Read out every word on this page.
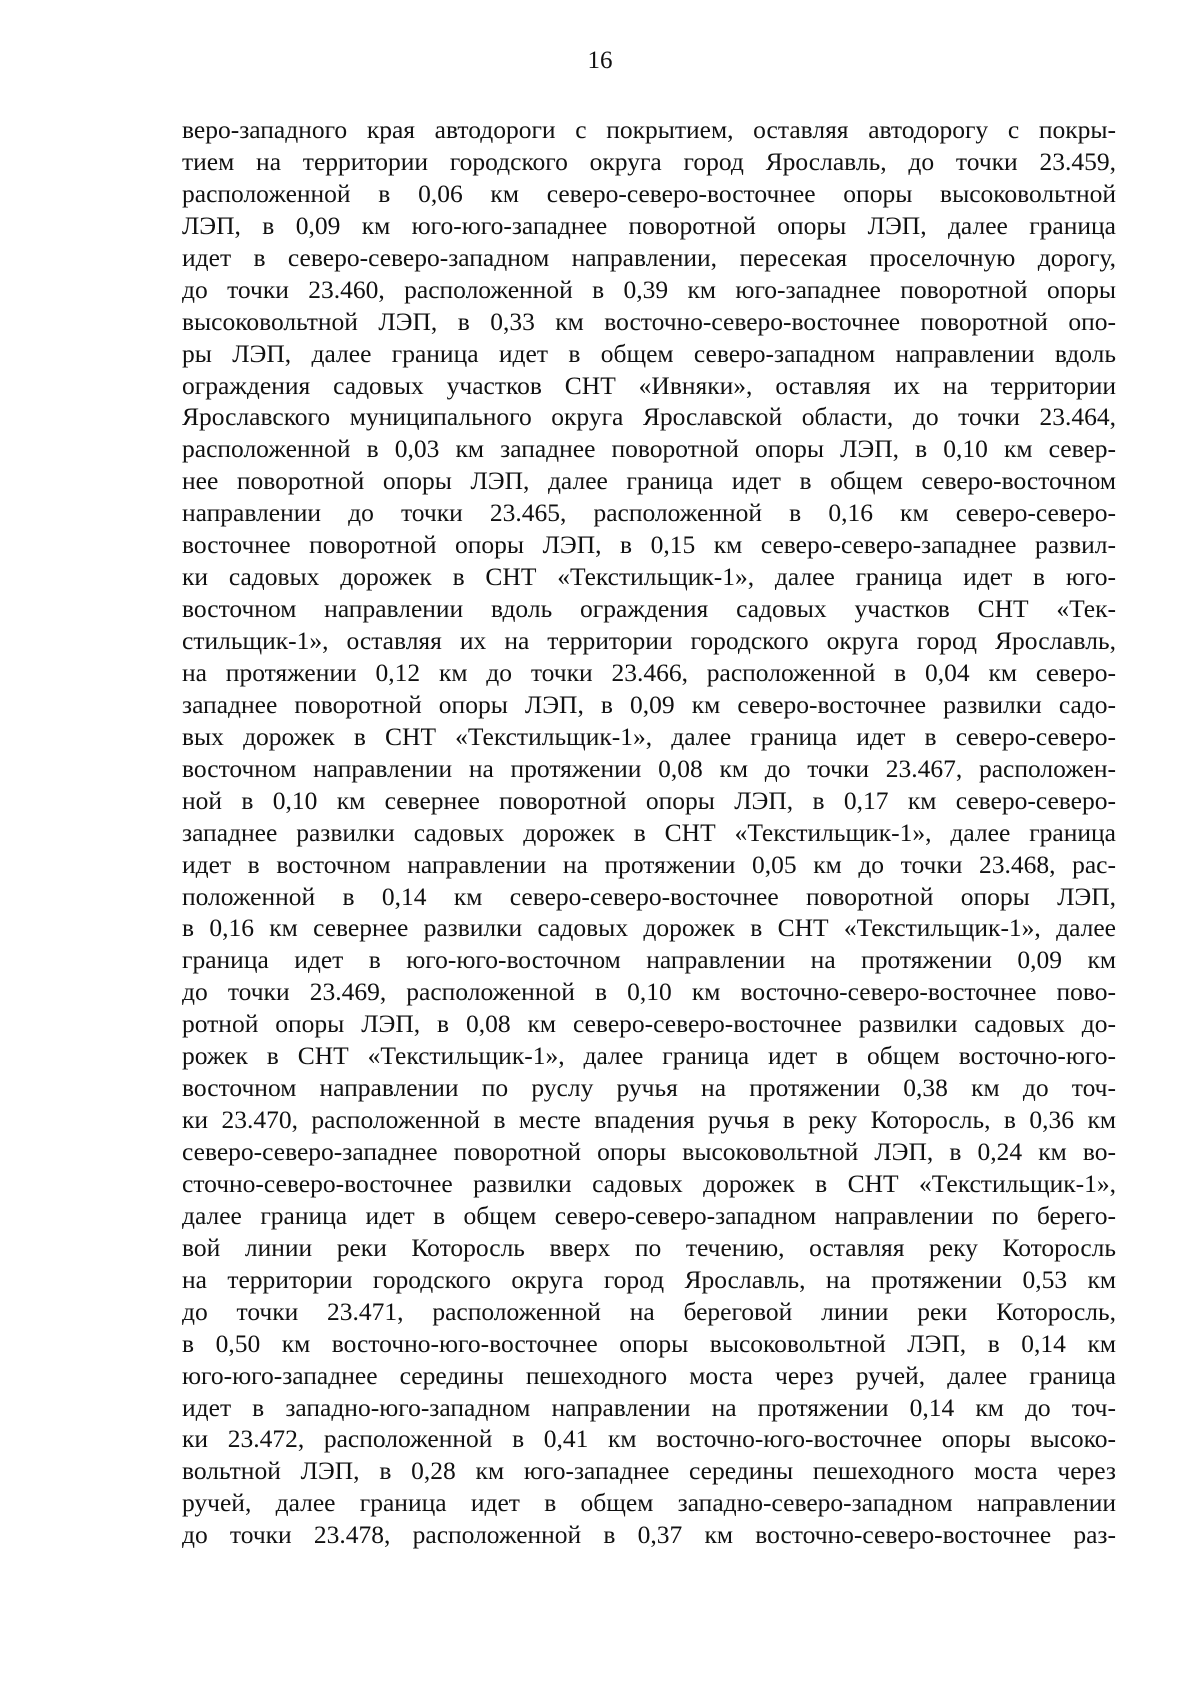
16
веро-западного края автодороги с покрытием, оставляя автодорогу с покры-
тием на территории городского округа город Ярославль, до точки 23.459,
расположенной в 0,06 км северо-северо-восточнее опоры высоковольтной
ЛЭП, в 0,09 км юго-юго-западнее поворотной опоры ЛЭП, далее граница
идет в северо-северо-западном направлении, пересекая проселочную дорогу,
до точки 23.460, расположенной в 0,39 км юго-западнее поворотной опоры
высоковольтной ЛЭП, в 0,33 км восточно-северо-восточнее поворотной опо-
ры ЛЭП, далее граница идет в общем северо-западном направлении вдоль
ограждения садовых участков СНТ «Ивняки», оставляя их на территории
Ярославского муниципального округа Ярославской области, до точки 23.464,
расположенной в 0,03 км западнее поворотной опоры ЛЭП, в 0,10 км север-
нее поворотной опоры ЛЭП, далее граница идет в общем северо-восточном
направлении до точки 23.465, расположенной в 0,16 км северо-северо-
восточнее поворотной опоры ЛЭП, в 0,15 км северо-северо-западнее развил-
ки садовых дорожек в СНТ «Текстильщик-1», далее граница идет в юго-
восточном направлении вдоль ограждения садовых участков СНТ «Тек-
стильщик-1», оставляя их на территории городского округа город Ярославль,
на протяжении 0,12 км до точки 23.466, расположенной в 0,04 км северо-
западнее поворотной опоры ЛЭП, в 0,09 км северо-восточнее развилки садо-
вых дорожек в СНТ «Текстильщик-1», далее граница идет в северо-северо-
восточном направлении на протяжении 0,08 км до точки 23.467, расположен-
ной в 0,10 км севернее поворотной опоры ЛЭП, в 0,17 км северо-северо-
западнее развилки садовых дорожек в СНТ «Текстильщик-1», далее граница
идет в восточном направлении на протяжении 0,05 км до точки 23.468, рас-
положенной в 0,14 км северо-северо-восточнее поворотной опоры ЛЭП,
в 0,16 км севернее развилки садовых дорожек в СНТ «Текстильщик-1», далее
граница идет в юго-юго-восточном направлении на протяжении 0,09 км
до точки 23.469, расположенной в 0,10 км восточно-северо-восточнее пово-
ротной опоры ЛЭП, в 0,08 км северо-северо-восточнее развилки садовых до-
рожек в СНТ «Текстильщик-1», далее граница идет в общем восточно-юго-
восточном направлении по руслу ручья на протяжении 0,38 км до точ-
ки 23.470, расположенной в месте впадения ручья в реку Которосль, в 0,36 км
северо-северо-западнее поворотной опоры высоковольтной ЛЭП, в 0,24 км во-
сточно-северо-восточнее развилки садовых дорожек в СНТ «Текстильщик-1»,
далее граница идет в общем северо-северо-западном направлении по берего-
вой линии реки Которосль вверх по течению, оставляя реку Которосль
на территории городского округа город Ярославль, на протяжении 0,53 км
до точки 23.471, расположенной на береговой линии реки Которосль,
в 0,50 км восточно-юго-восточнее опоры высоковольтной ЛЭП, в 0,14 км
юго-юго-западнее середины пешеходного моста через ручей, далее граница
идет в западно-юго-западном направлении на протяжении 0,14 км до точ-
ки 23.472, расположенной в 0,41 км восточно-юго-восточнее опоры высоко-
вольтной ЛЭП, в 0,28 км юго-западнее середины пешеходного моста через
ручей, далее граница идет в общем западно-северо-западном направлении
до точки 23.478, расположенной в 0,37 км восточно-северо-восточнее раз-
